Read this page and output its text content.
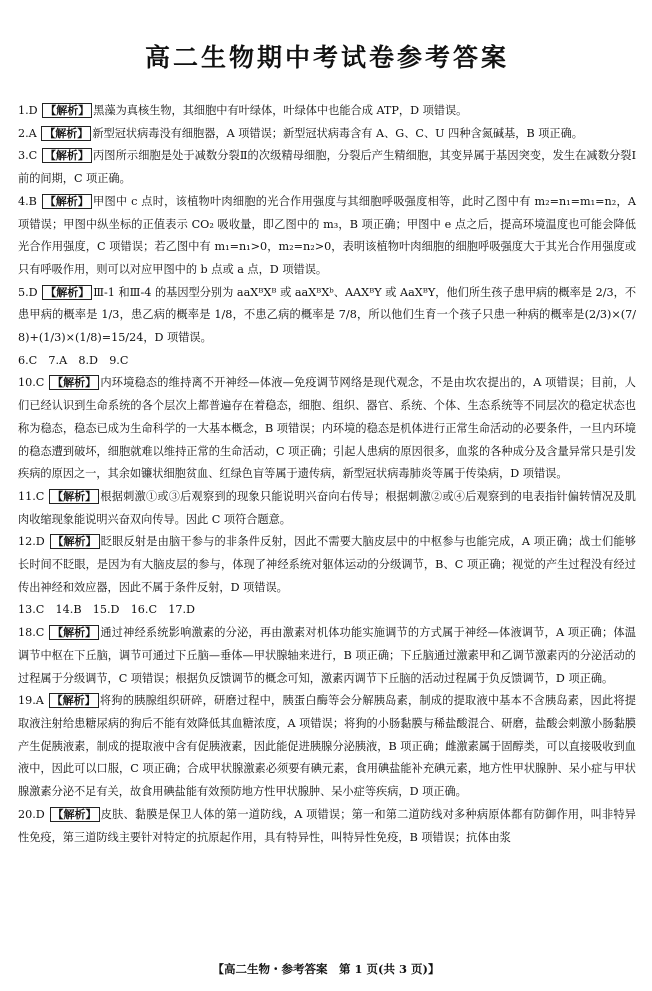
高二生物期中考试卷参考答案

1.D 【解析】 黑藻为真核生物，其细胞中有叶绿体，叶绿体中也能合成 ATP，D 项错误。

2.A 【解析】 新型冠状病毒没有细胞器，A 项错误；新型冠状病毒含有 A、G、C、U 四种含氮碱基，B 项正确。

3.C 【解析】 丙图所示细胞是处于减数分裂Ⅱ的次级精母细胞，分裂后产生精细胞，其变异属于基因突变，发生在减数分裂Ⅰ前的间期，C 项正确。

4.B 【解析】 甲图中 c 点时，该植物叶肉细胞的光合作用强度与其细胞呼吸强度相等，此时乙图中有 m₂=n₁=m₁=n₂，A 项错误；甲图中纵坐标的正值表示 CO₂ 吸收量，即乙图中的 m₃，B 项正确；甲图中 e 点之后，提高环境温度也可能会降低光合作用强度，C 项错误；若乙图中有 m₁=n₁>0，m₂=n₂>0，表明该植物叶肉细胞的细胞呼吸强度大于其光合作用强度或只有呼吸作用，则可以对应甲图中的 b 点或 a 点，D 项错误。

5.D 【解析】 Ⅲ-1 和Ⅲ-4 的基因型分别为 aaXᴮXᴮ 或 aaXᴮXᵇ、AAXᴮY 或 AaXᴮY，他们所生孩子患甲病的概率是 2/3，不患甲病的概率是 1/3，患乙病的概率是 1/8，不患乙病的概率是 7/8，所以他们生育一个孩子只患一种病的概率是(2/3)×(7/8)+(1/3)×(1/8)=15/24，D 项错误。

6.C　7.A　8.D　9.C

10.C 【解析】 内环境稳态的维持离不开神经—体液—免疫调节网络是现代观念，不是由坎农提出的，A 项错误；目前，人们已经认识到生命系统的各个层次上都普遍存在着稳态，细胞、组织、器官、系统、个体、生态系统等不同层次的稳定状态也称为稳态，稳态已成为生命科学的一大基本概念，B 项错误；内环境的稳态是机体进行正常生命活动的必要条件，一旦内环境的稳态遭到破坏，细胞就难以维持正常的生命活动，C 项正确；引起人患病的原因很多，血浆的各种成分及含量异常只是引发疾病的原因之一，其余如镰状细胞贫血、红绿色盲等属于遗传病，新型冠状病毒肺炎等属于传染病，D 项错误。

11.C 【解析】 根据刺激①或③后观察到的现象只能说明兴奋向右传导；根据刺激②或④后观察到的电表指针偏转情况及肌肉收缩现象能说明兴奋双向传导。因此 C 项符合题意。

12.D 【解析】 眨眼反射是由脑干参与的非条件反射，因此不需要大脑皮层中的中枢参与也能完成，A 项正确；战士们能够长时间不眨眼，是因为有大脑皮层的参与，体现了神经系统对躯体运动的分级调节，B、C 项正确；视觉的产生过程没有经过传出神经和效应器，因此不属于条件反射，D 项错误。

13.C　14.B　15.D　16.C　17.D

18.C 【解析】 通过神经系统影响激素的分泌，再由激素对机体功能实施调节的方式属于神经—体液调节，A 项正确；体温调节中枢在下丘脑，调节可通过下丘脑—垂体—甲状腺轴来进行，B 项正确；下丘脑通过激素甲和乙调节激素丙的分泌活动的过程属于分级调节，C 项错误；根据负反馈调节的概念可知，激素丙调节下丘脑的活动过程属于负反馈调节，D 项正确。

19.A 【解析】 将狗的胰腺组织研碎，研磨过程中，胰蛋白酶等会分解胰岛素，制成的提取液中基本不含胰岛素，因此将提取液注射给患糖尿病的狗后不能有效降低其血糖浓度，A 项错误；将狗的小肠黏膜与稀盐酸混合、研磨，盐酸会刺激小肠黏膜产生促胰液素，制成的提取液中含有促胰液素，因此能促进胰腺分泌胰液，B 项正确；雌激素属于固醇类，可以直接吸收到血液中，因此可以口服，C 项正确；合成甲状腺激素必须要有碘元素，食用碘盐能补充碘元素，地方性甲状腺肿、呆小症与甲状腺激素分泌不足有关，故食用碘盐能有效预防地方性甲状腺肿、呆小症等疾病，D 项正确。

20.D 【解析】 皮肤、黏膜是保卫人体的第一道防线，A 项错误；第一和第二道防线对多种病原体都有防御作用，叫非特异性免疫，第三道防线主要针对特定的抗原起作用，具有特异性，叫特异性免疫，B 项错误；抗体由浆

【高二生物・参考答案　第 1 页(共 3 页)】
